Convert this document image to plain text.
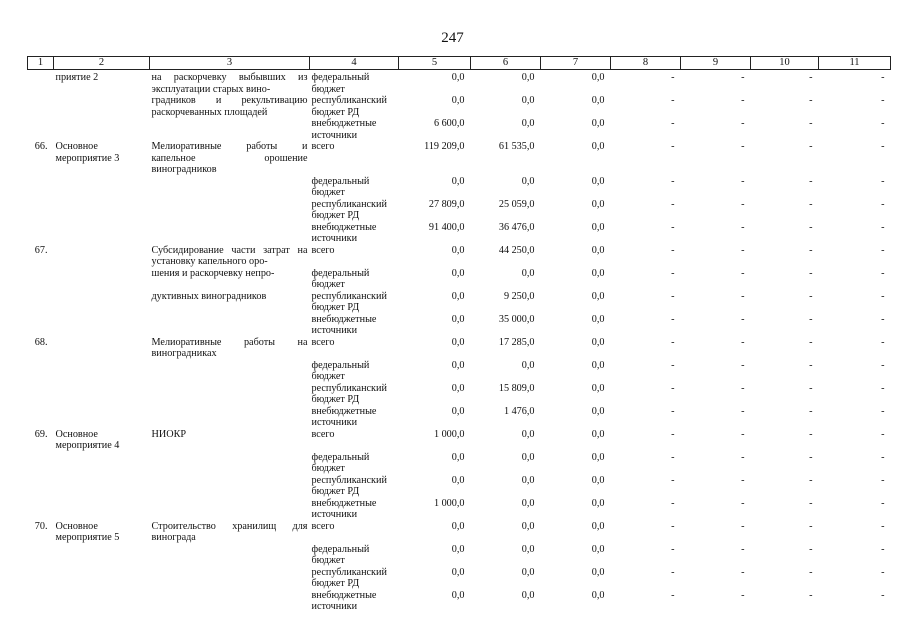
247
1	2	3	4	5	6	7	8	9	10	11
	приятие 2	на раскорчевку выбывших из эксплуатации старых вино-	федеральный бюджет	0,0	0,0	0,0	-	-	-	-
		градников и рекультивацию раскорчеванных площадей	республиканский бюджет РД	0,0	0,0	0,0	-	-	-	-
			внебюджетные источники	6 600,0	0,0	0,0	-	-	-	-
66.	Основное мероприятие 3	Мелиоративные работы и капельное орошение виноградников	всего	119 209,0	61 535,0	0,0	-	-	-	-
			федеральный бюджет	0,0	0,0	0,0	-	-	-	-
			республиканский бюджет РД	27 809,0	25 059,0	0,0	-	-	-	-
			внебюджетные источники	91 400,0	36 476,0	0,0	-	-	-	-
67.		Субсидирование части затрат на установку капельного оро-	всего	0,0	44 250,0	0,0	-	-	-	-
		шения и раскорчевку непро-	федеральный бюджет	0,0	0,0	0,0	-	-	-	-
		дуктивных виноградников	республиканский бюджет РД	0,0	9 250,0	0,0	-	-	-	-
			внебюджетные источники	0,0	35 000,0	0,0	-	-	-	-
68.		Мелиоративные работы на виноградниках	всего	0,0	17 285,0	0,0	-	-	-	-
			федеральный бюджет	0,0	0,0	0,0	-	-	-	-
			республиканский бюджет РД	0,0	15 809,0	0,0	-	-	-	-
			внебюджетные источники	0,0	1 476,0	0,0	-	-	-	-
69.	Основное мероприятие 4	НИОКР	всего	1 000,0	0,0	0,0	-	-	-	-
			федеральный бюджет	0,0	0,0	0,0	-	-	-	-
			республиканский бюджет РД	0,0	0,0	0,0	-	-	-	-
			внебюджетные источники	1 000,0	0,0	0,0	-	-	-	-
70.	Основное мероприятие 5	Строительство хранилищ для винограда	всего	0,0	0,0	0,0	-	-	-	-
			федеральный бюджет	0,0	0,0	0,0	-	-	-	-
			республиканский бюджет РД	0,0	0,0	0,0	-	-	-	-
			внебюджетные источники	0,0	0,0	0,0	-	-	-	-
